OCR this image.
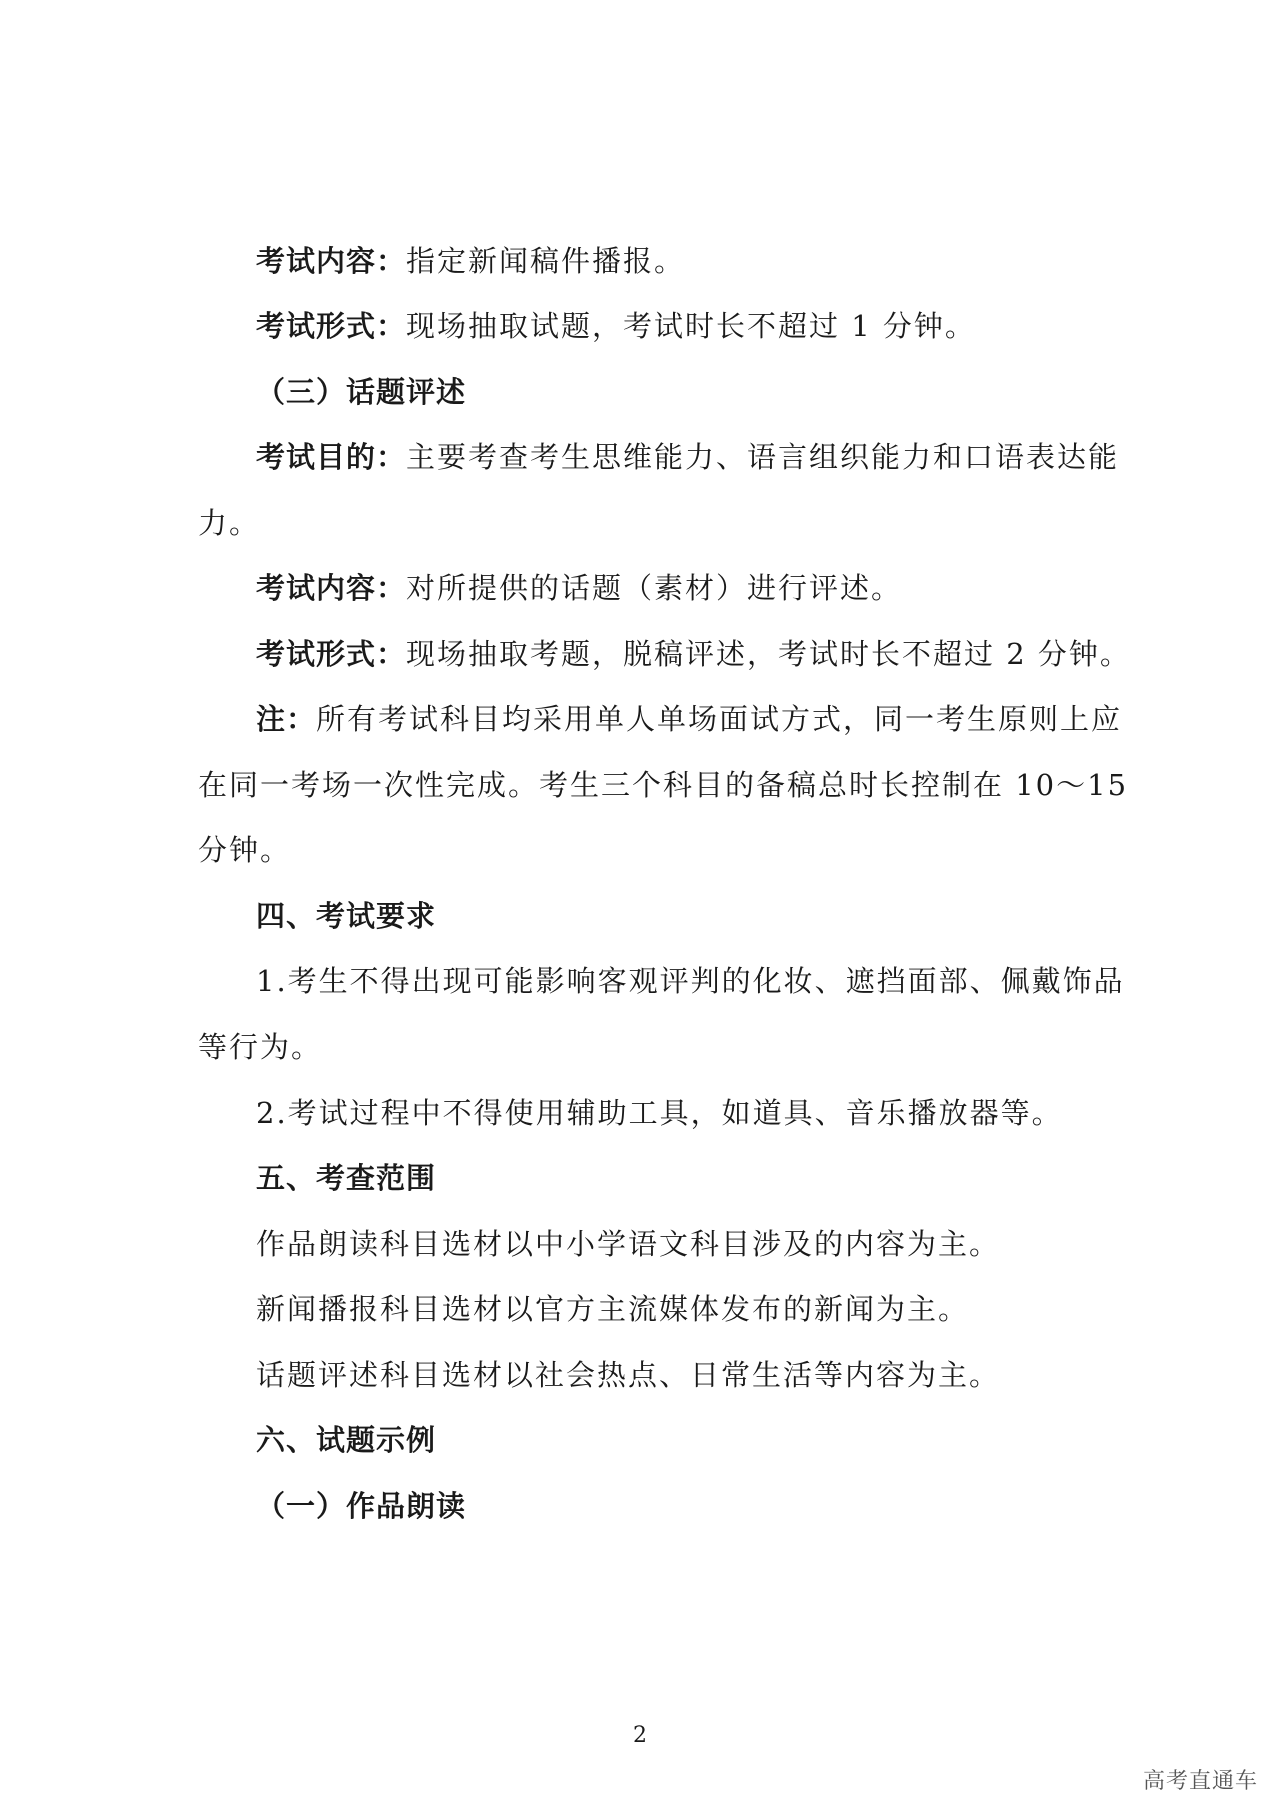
考试内容：指定新闻稿件播报。
考试形式：现场抽取试题，考试时长不超过 1 分钟。
（三）话题评述
考试目的：主要考查考生思维能力、语言组织能力和口语表达能
力。
考试内容：对所提供的话题（素材）进行评述。
考试形式：现场抽取考题，脱稿评述，考试时长不超过 2 分钟。
注：所有考试科目均采用单人单场面试方式，同一考生原则上应
在同一考场一次性完成。考生三个科目的备稿总时长控制在 10～15
分钟。
四、考试要求
1.考生不得出现可能影响客观评判的化妆、遮挡面部、佩戴饰品
等行为。
2.考试过程中不得使用辅助工具，如道具、音乐播放器等。
五、考查范围
作品朗读科目选材以中小学语文科目涉及的内容为主。
新闻播报科目选材以官方主流媒体发布的新闻为主。
话题评述科目选材以社会热点、日常生活等内容为主。
六、试题示例
（一）作品朗读
2
高考直通车
